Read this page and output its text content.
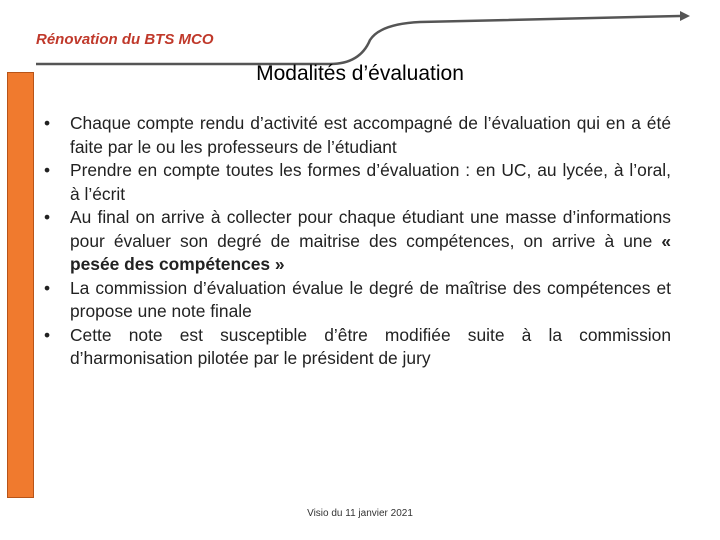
Rénovation du BTS MCO
Modalités d’évaluation
•	Chaque compte rendu d’activité est accompagné de l’évaluation qui en a été faite par le ou les professeurs de l’étudiant
•	Prendre en compte toutes les formes d’évaluation : en UC, au lycée, à l’oral, à l’écrit
•	Au final on arrive à collecter pour chaque étudiant une masse d’informations pour évaluer son degré de maitrise des compétences, on arrive à une « pesée des compétences »
•	La commission d’évaluation évalue le degré de maîtrise des compétences et propose une note finale
•	Cette note est susceptible d’être modifiée suite à la commission d’harmonisation pilotée par le président de jury
Visio du 11 janvier 2021
